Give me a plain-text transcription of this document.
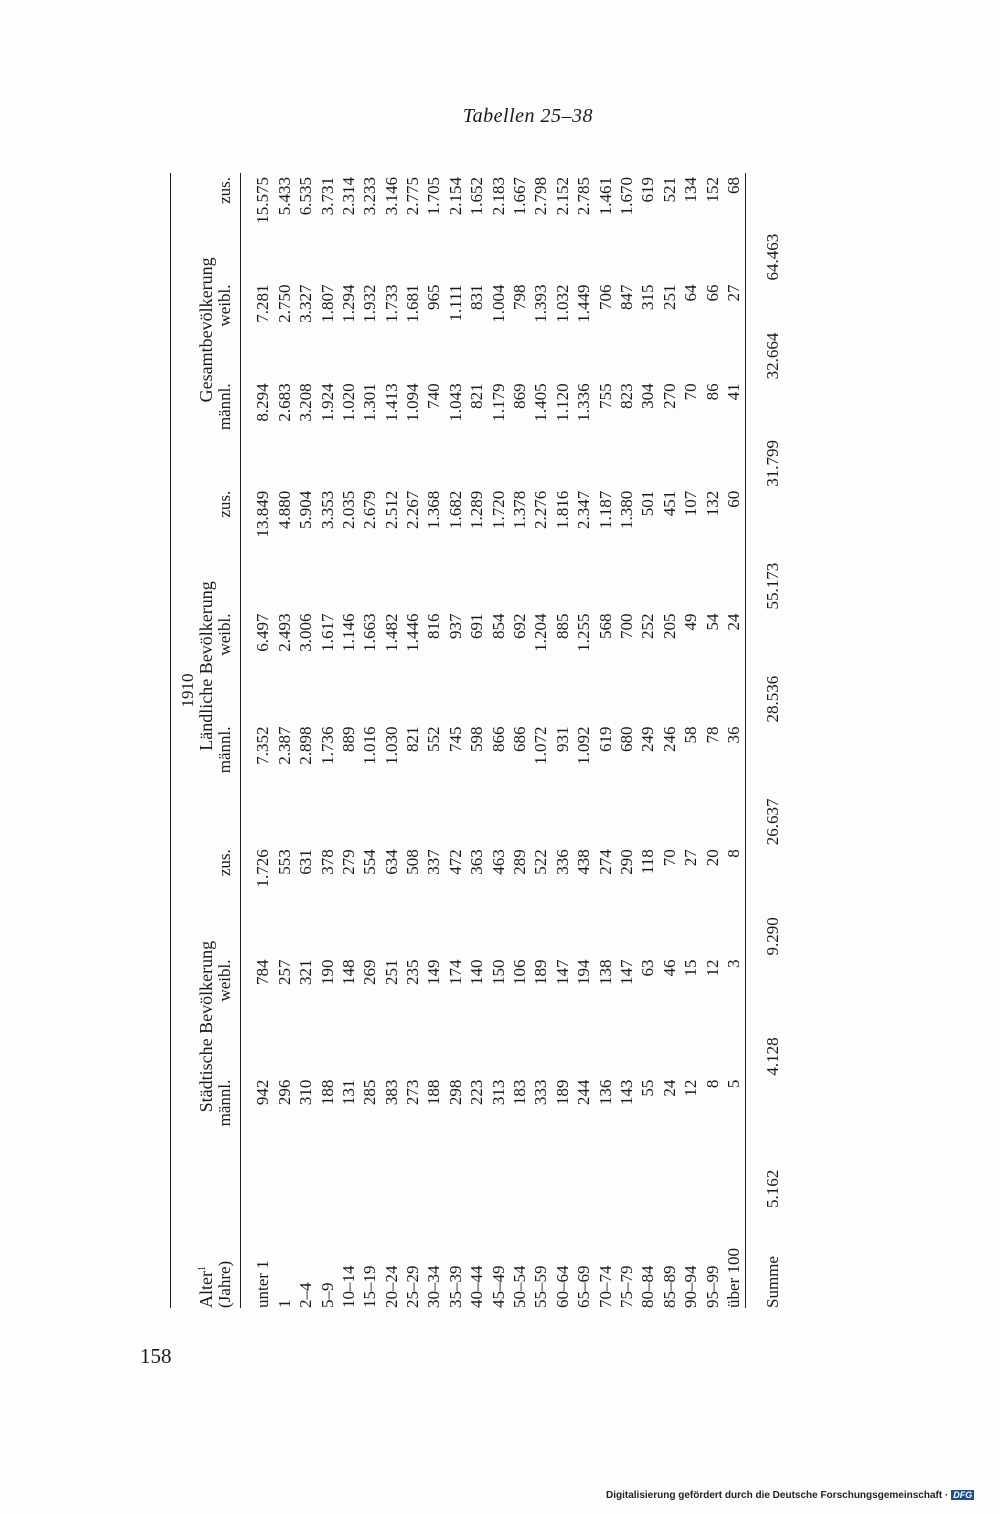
Tabellen 25–38
	1910								
Alter$^1$	Städtische Bevölkerung			Ländliche Bevölkerung			Gesamtbevölkerung		
(Jahre)	männl.	weibl.	zus.	männl.	weibl.	zus.	männl.	weibl.	zus.

unter 1	942	784	1.726	7.352	6.497	13.849	8.294	7.281	15.575
1	296	257	553	2.387	2.493	4.880	2.683	2.750	5.433
2–4	310	321	631	2.898	3.006	5.904	3.208	3.327	6.535
5–9	188	190	378	1.736	1.617	3.353	1.924	1.807	3.731
10–14	131	148	279	889	1.146	2.035	1.020	1.294	2.314
15–19	285	269	554	1.016	1.663	2.679	1.301	1.932	3.233
20–24	383	251	634	1.030	1.482	2.512	1.413	1.733	3.146
25–29	273	235	508	821	1.446	2.267	1.094	1.681	2.775
30–34	188	149	337	552	816	1.368	740	965	1.705
35–39	298	174	472	745	937	1.682	1.043	1.111	2.154
40–44	223	140	363	598	691	1.289	821	831	1.652
45–49	313	150	463	866	854	1.720	1.179	1.004	2.183
50–54	183	106	289	686	692	1.378	869	798	1.667
55–59	333	189	522	1.072	1.204	2.276	1.405	1.393	2.798
60–64	189	147	336	931	885	1.816	1.120	1.032	2.152
65–69	244	194	438	1.092	1.255	2.347	1.336	1.449	2.785
70–74	136	138	274	619	568	1.187	755	706	1.461
75–79	143	147	290	680	700	1.380	823	847	1.670
80–84	55	63	118	249	252	501	304	315	619
85–89	24	46	70	246	205	451	270	251	521
90–94	12	15	27	58	49	107	70	64	134
95–99	8	12	20	78	54	132	86	66	152
über 100	5	3	8	36	24	60	41	27	68
Summe	5.162	4.128	9.290	26.637	28.536	55.173	31.799	32.664	64.463
158
Digitalisierung gefördert durch die Deutsche Forschungsgemeinschaft · DFG
